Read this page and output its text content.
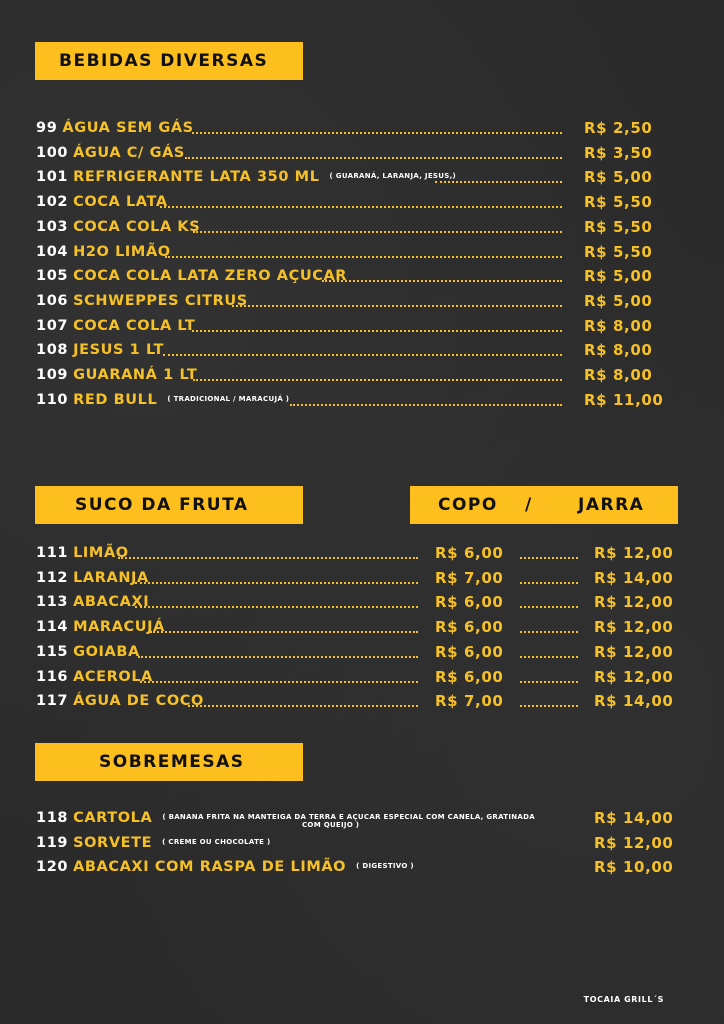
BEBIDAS DIVERSAS
SUCO DA FRUTA	COPO /	JARRA
SOBREMESAS
99 ÁGUA SEM GÁS	R$ 2,50
100 ÁGUA C/ GÁS	R$ 3,50
101 REFRIGERANTE LATA 350 ML ( GUARANÁ, LARANJA, JESUS,)	R$ 5,00
102 COCA LATA	R$ 5,50
103 COCA COLA KS	R$ 5,50
104 H2O LIMÃO	R$ 5,50
105 COCA COLA LATA ZERO AÇUCAR	R$ 5,00
106 SCHWEPPES CITRUS	R$ 5,00
107 COCA COLA LT	R$ 8,00
108 JESUS 1 LT	R$ 8,00
109 GUARANÁ 1 LT	R$ 8,00
110 RED BULL ( TRADICIONAL / MARACUJÁ )	R$ 11,00
111 LIMÃO	R$ 6,00	R$ 12,00
112 LARANJA	R$ 7,00	R$ 14,00
113 ABACAXI	R$ 6,00	R$ 12,00
114 MARACUJÁ	R$ 6,00	R$ 12,00
115 GOIABA	R$ 6,00	R$ 12,00
116 ACEROLA	R$ 6,00	R$ 12,00
117 ÁGUA DE COCO	R$ 7,00	R$ 14,00
118 CARTOLA ( BANANA FRITA NA MANTEIGA DA TERRA E AÇUCAR ESPECIAL COM CANELA, GRATINADA
COM QUEIJO )	R$ 14,00
119 SORVETE ( CREME OU CHOCOLATE )	R$ 12,00
120 ABACAXI COM RASPA DE LIMÃO ( DIGESTIVO )	R$ 10,00
TOCAIA GRILL´S
